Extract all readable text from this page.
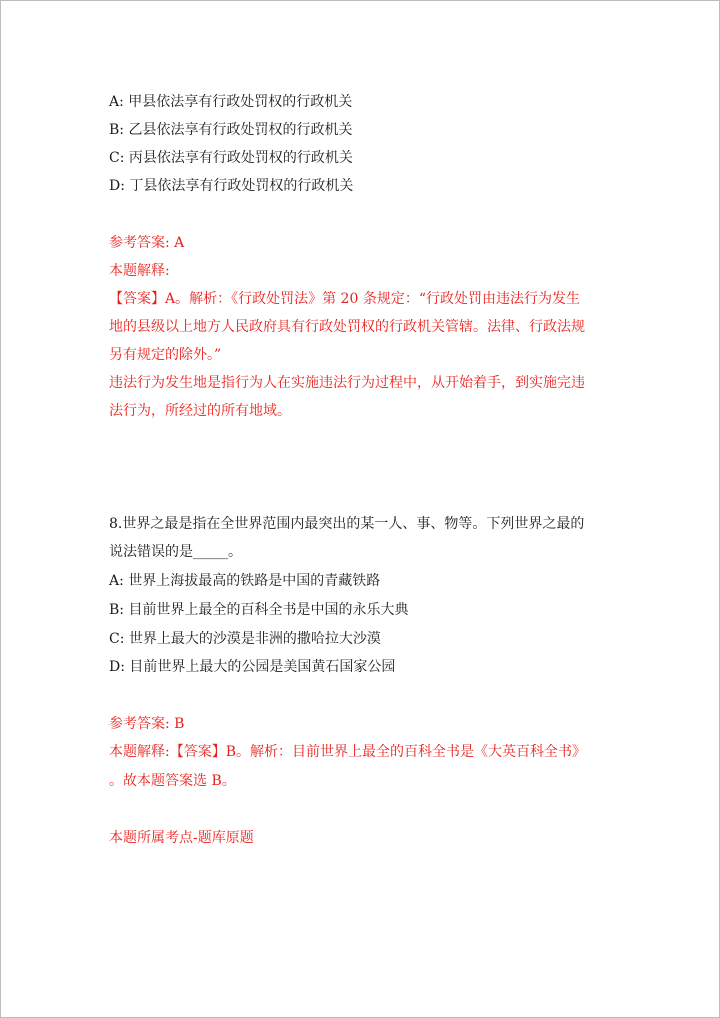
A: 甲县依法享有行政处罚权的行政机关
B: 乙县依法享有行政处罚权的行政机关
C: 丙县依法享有行政处罚权的行政机关
D: 丁县依法享有行政处罚权的行政机关
参考答案: A
本题解释:
【答案】A。解析：《行政处罚法》第 20 条规定：“行政处罚由违法行为发生
地的县级以上地方人民政府具有行政处罚权的行政机关管辖。法律、行政法规
另有规定的除外。”
违法行为发生地是指行为人在实施违法行为过程中，从开始着手，到实施完违
法行为，所经过的所有地域。
8.世界之最是指在全世界范围内最突出的某一人、事、物等。下列世界之最的
说法错误的是_____。
A: 世界上海拔最高的铁路是中国的青藏铁路
B: 目前世界上最全的百科全书是中国的永乐大典
C: 世界上最大的沙漠是非洲的撒哈拉大沙漠
D: 目前世界上最大的公园是美国黄石国家公园
参考答案: B
本题解释:【答案】B。解析：目前世界上最全的百科全书是《大英百科全书》
。故本题答案选 B。
本题所属考点-题库原题
